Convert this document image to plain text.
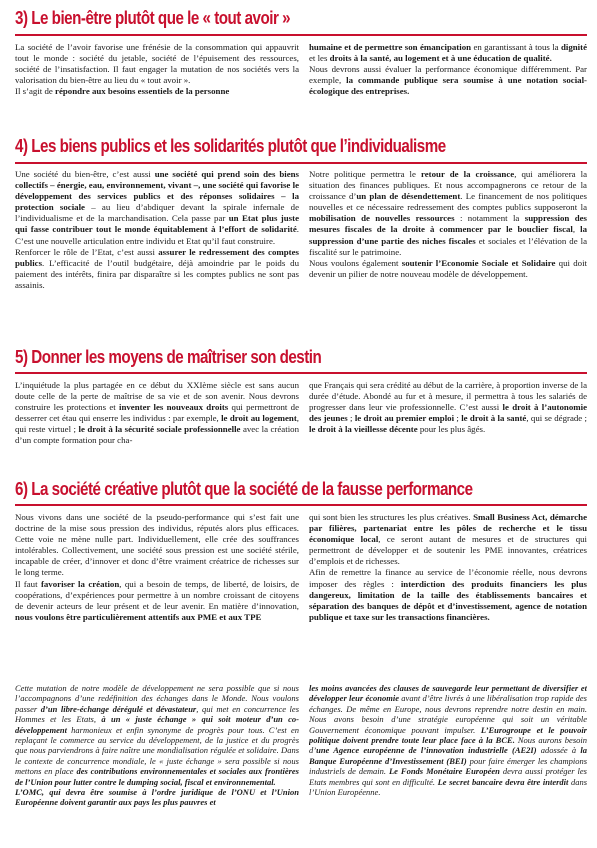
3) Le bien-être plutôt que le « tout avoir »

La société de l’avoir favorise une frénésie de la consommation qui appauvrit tout le monde : société du jetable, société de l’épuisement des ressources, société de l’insatisfaction. Il faut engager la mutation de nos sociétés vers la valorisation du bien-être au lieu du « tout avoir ».

Il s’agit de répondre aux besoins essentiels de la personne

humaine et de permettre son émancipation en garantissant à tous la dignité et les droits à la santé, au logement et à une éducation de qualité.

Nous devrons aussi évaluer la performance économique différemment. Par exemple, la commande publique sera soumise à une notation social-écologique des entreprises.

4) Les biens publics et les solidarités plutôt que l’individualisme

Une société du bien-être, c’est aussi une société qui prend soin des biens collectifs – énergie, eau, environnement, vivant –, une société qui favorise le développement des services publics et des réponses solidaires – la protection sociale – au lieu d’abdiquer devant la spirale infernale de l’individualisme et de la marchandisation. Cela passe par un Etat plus juste qui fasse contribuer tout le monde équitablement à l’effort de solidarité. C’est une nouvelle articulation entre individu et Etat qu’il faut construire.

Renforcer le rôle de l’Etat, c’est aussi assurer le redressement des comptes publics. L’efficacité de l’outil budgétaire, déjà amoindrie par le poids du paiement des intérêts, finira par disparaître si les comptes publics ne sont pas assainis.

Notre politique permettra le retour de la croissance, qui améliorera la situation des finances publiques. Et nous accompagnerons ce retour de la croissance d’un plan de désendettement. Le financement de nos politiques nouvelles et ce nécessaire redressement des comptes publics supposeront la mobilisation de nouvelles ressources : notamment la suppression des mesures fiscales de la droite à commencer par le bouclier fiscal, la suppression d’une partie des niches fiscales et sociales et l’élévation de la fiscalité sur le patrimoine.

Nous voulons également soutenir l’Economie Sociale et Solidaire qui doit devenir un pilier de notre nouveau modèle de développement.

5) Donner les moyens de maîtriser son destin

L’inquiétude la plus partagée en ce début du XXIème siècle est sans aucun doute celle de la perte de maîtrise de sa vie et de son avenir. Nous devrons construire les protections et inventer les nouveaux droits qui permettront de desserrer cet étau qui enserre les individus : par exemple, le droit au logement, qui reste virtuel ; le droit à la sécurité sociale professionnelle avec la création d’un compte formation pour cha-

que Français qui sera crédité au début de la carrière, à proportion inverse de la durée d’étude. Abondé au fur et à mesure, il permettra à tous les salariés de progresser dans leur vie professionnelle. C’est aussi le droit à l’autonomie des jeunes ; le droit au premier emploi ; le droit à la santé, qui se dégrade ; le droit à la vieillesse décente pour les plus âgés.

6) La société créative plutôt que la société de la fausse performance

Nous vivons dans une société de la pseudo-performance qui s’est fait une doctrine de la mise sous pression des individus, réputés alors plus efficaces. Cette voie ne mène nulle part. Individuellement, elle crée des souffrances intolérables. Collectivement, une société sous pression est une société stérile, incapable de créer, d’innover et donc d’être vraiment créatrice de richesses sur le long terme.

Il faut favoriser la création, qui a besoin de temps, de liberté, de loisirs, de coopérations, d’expériences pour permettre à un nombre croissant de citoyens de devenir acteurs de leur présent et de leur avenir. En matière d’innovation, nous voulons être particulièrement attentifs aux PME et aux TPE

qui sont bien les structures les plus créatives. Small Business Act, démarche par filières, partenariat entre les pôles de recherche et le tissu économique local, ce seront autant de mesures et de structures qui permettront de développer et de soutenir les PME innovantes, créatrices d’emplois et de richesses.

Afin de remettre la finance au service de l’économie réelle, nous devrons imposer des règles : interdiction des produits financiers les plus dangereux, limitation de la taille des établissements bancaires et séparation des banques de dépôt et d’investissement, agence de notation publique et taxe sur les transactions financières.

Cette mutation de notre modèle de développement ne sera possible que si nous l’accompagnons d’une redéfinition des échanges dans le Monde. Nous voulons passer d’un libre-échange dérégulé et dévastateur, qui met en concurrence les Hommes et les Etats, à un « juste échange » qui soit moteur d’un co-développement harmonieux et enfin synonyme de progrès pour tous. C’est en replaçant le commerce au service du développement, de la justice et du progrès que nous parviendrons à faire naître une mondialisation régulée et solidaire. Dans le contexte de concurrence mondiale, le « juste échange » sera possible si nous mettons en place des contributions environnementales et sociales aux frontières de l’Union pour lutter contre le dumping social, fiscal et environnemental.

L’OMC, qui devra être soumise à l’ordre juridique de l’ONU et l’Union Européenne doivent garantir aux pays les plus pauvres et

les moins avancées des clauses de sauvegarde leur permettant de diversifier et développer leur économie avant d’être livrés à une libéralisation trop rapide des échanges. De même en Europe, nous devrons reprendre notre destin en main. Nous avons besoin d’une stratégie européenne qui soit un véritable Gouvernement économique pouvant impulser. L’Eurogroupe et le pouvoir politique doivent prendre toute leur place face à la BCE. Nous aurons besoin d’une Agence européenne de l’innovation industrielle (AE2I) adossée à la Banque Européenne d’Investissement (BEI) pour faire émerger les champions industriels de demain. Le Fonds Monétaire Européen devra aussi protéger les Etats membres qui sont en difficulté. Le secret bancaire devra être interdit dans l’Union Européenne.
